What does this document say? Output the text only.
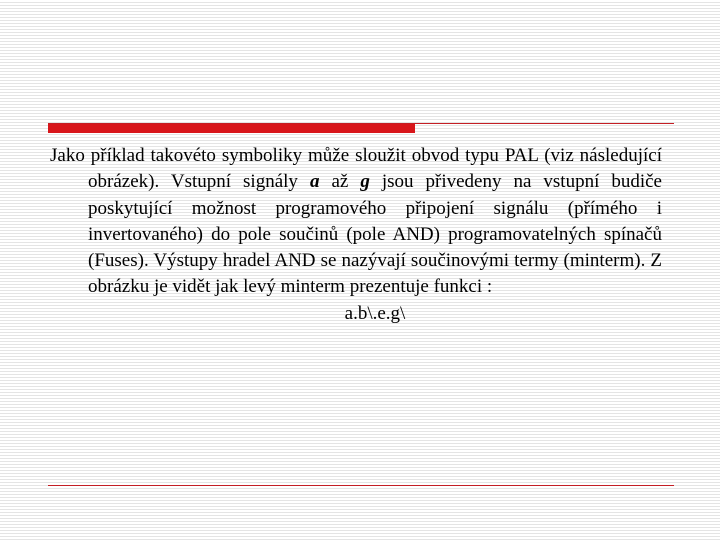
Jako příklad takovéto symboliky může sloužit obvod typu PAL (viz následující obrázek). Vstupní signály a až g jsou přivedeny na vstupní budiče poskytující možnost programového připojení signálu (přímého i invertovaného) do pole součinů (pole AND) programovatelných spínačů (Fuses). Výstupy hradel AND se nazývají součinovými termy (minterm). Z obrázku je vidět jak levý minterm prezentuje funkci :

a.b\.e.g\
